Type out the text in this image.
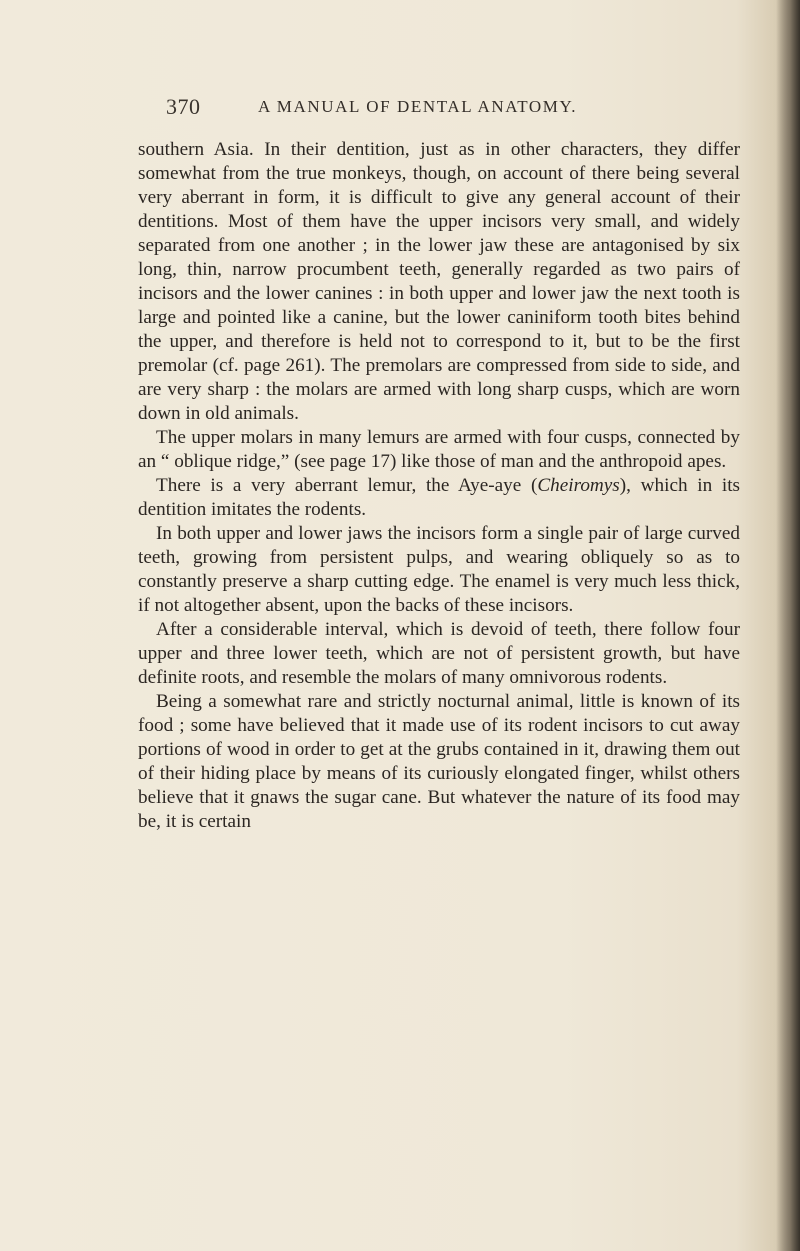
370	A MANUAL OF DENTAL ANATOMY.

southern Asia. In their dentition, just as in other characters, they differ somewhat from the true monkeys, though, on account of there being several very aberrant in form, it is difficult to give any general account of their dentitions. Most of them have the upper incisors very small, and widely separated from one another ; in the lower jaw these are antagonised by six long, thin, narrow procumbent teeth, generally regarded as two pairs of incisors and the lower canines : in both upper and lower jaw the next tooth is large and pointed like a canine, but the lower caniniform tooth bites behind the upper, and therefore is held not to correspond to it, but to be the first premolar (cf. page 261). The premolars are compressed from side to side, and are very sharp : the molars are armed with long sharp cusps, which are worn down in old animals.

The upper molars in many lemurs are armed with four cusps, connected by an “ oblique ridge,” (see page 17) like those of man and the anthropoid apes.

There is a very aberrant lemur, the Aye-aye (Cheiromys), which in its dentition imitates the rodents.

In both upper and lower jaws the incisors form a single pair of large curved teeth, growing from persistent pulps, and wearing obliquely so as to constantly preserve a sharp cutting edge. The enamel is very much less thick, if not altogether absent, upon the backs of these incisors.

After a considerable interval, which is devoid of teeth, there follow four upper and three lower teeth, which are not of persistent growth, but have definite roots, and resemble the molars of many omnivorous rodents.

Being a somewhat rare and strictly nocturnal animal, little is known of its food ; some have believed that it made use of its rodent incisors to cut away portions of wood in order to get at the grubs contained in it, drawing them out of their hiding place by means of its curiously elongated finger, whilst others believe that it gnaws the sugar cane. But whatever the nature of its food may be, it is certain
